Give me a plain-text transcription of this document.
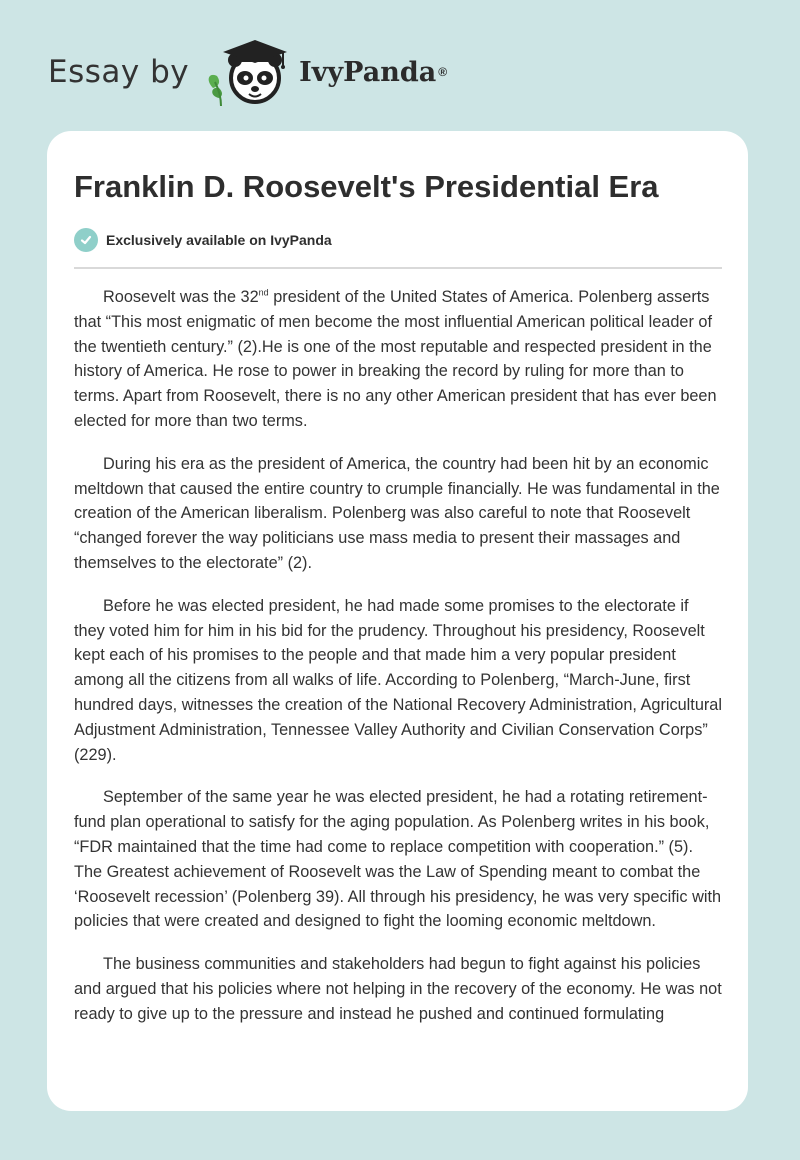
Essay by	IvyPanda ®
Franklin D. Roosevelt's Presidential Era
Exclusively available on IvyPanda

Roosevelt was the 32nd president of the United States of America. Polenberg asserts that “This most enigmatic of men become the most influential American political leader of the twentieth century.” (2).He is one of the most reputable and respected president in the history of America. He rose to power in breaking the record by ruling for more than to terms. Apart from Roosevelt, there is no any other American president that has ever been elected for more than two terms.

During his era as the president of America, the country had been hit by an economic meltdown that caused the entire country to crumple financially. He was fundamental in the creation of the American liberalism. Polenberg was also careful to note that Roosevelt “changed forever the way politicians use mass media to present their massages and themselves to the electorate” (2).

Before he was elected president, he had made some promises to the electorate if they voted him for him in his bid for the prudency. Throughout his presidency, Roosevelt kept each of his promises to the people and that made him a very popular president among all the citizens from all walks of life. According to Polenberg, “March-June, first hundred days, witnesses the creation of the National Recovery Administration, Agricultural Adjustment Administration, Tennessee Valley Authority and Civilian Conservation Corps” (229).

September of the same year he was elected president, he had a rotating retirement-fund plan operational to satisfy for the aging population. As Polenberg writes in his book, “FDR maintained that the time had come to replace competition with cooperation.” (5). The Greatest achievement of Roosevelt was the Law of Spending meant to combat the ‘Roosevelt recession’ (Polenberg 39). All through his presidency, he was very specific with policies that were created and designed to fight the looming economic meltdown.

The business communities and stakeholders had begun to fight against his policies and argued that his policies where not helping in the recovery of the economy. He was not ready to give up to the pressure and instead he pushed and continued formulating
